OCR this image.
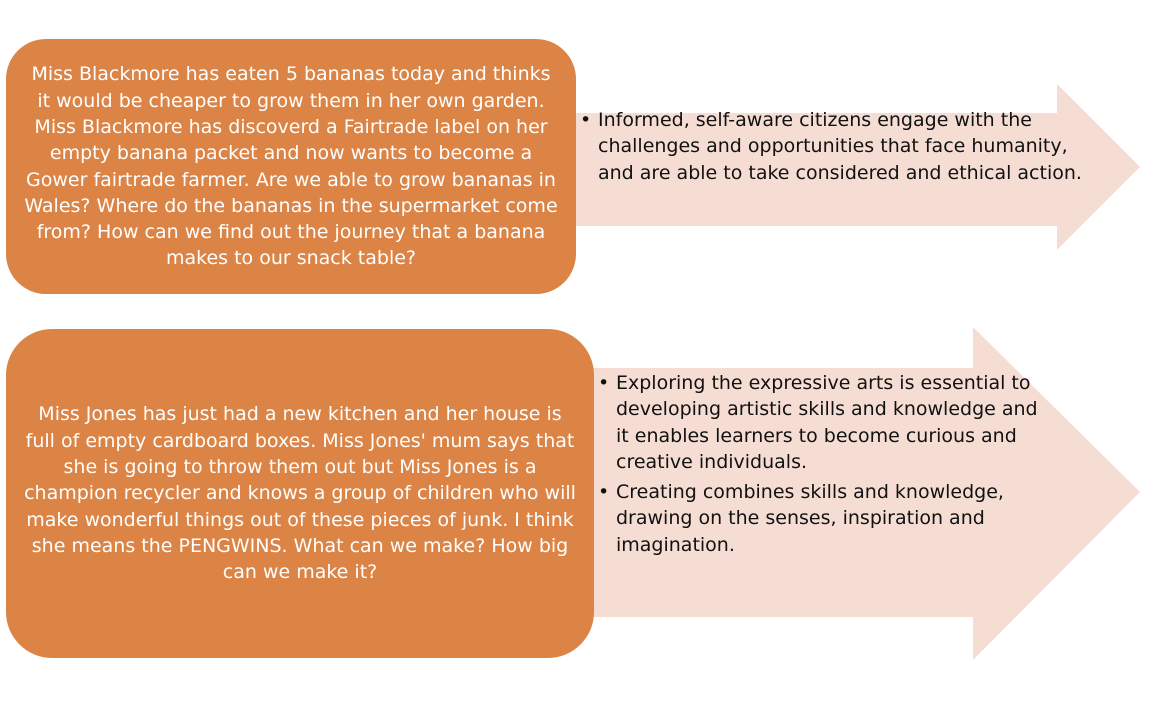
Miss Blackmore has eaten 5 bananas today and thinks it would be cheaper to grow them in her own garden. Miss Blackmore has discoverd a Fairtrade label on her empty banana packet and now wants to become a Gower fairtrade farmer. Are we able to grow bananas in Wales? Where do the bananas in the supermarket come from? How can we find out the journey that a banana makes to our snack table?
• Informed, self-aware citizens engage with the challenges and opportunities that face humanity, and are able to take considered and ethical action.
Miss Jones has just had a new kitchen and her house is full of empty cardboard boxes. Miss Jones' mum says that she is going to throw them out but Miss Jones is a champion recycler and knows a group of children who will make wonderful things out of these pieces of junk. I think she means the PENGWINS. What can we make? How big can we make it?
• Exploring the expressive arts is essential to developing artistic skills and knowledge and it enables learners to become curious and creative individuals.
• Creating combines skills and knowledge, drawing on the senses, inspiration and imagination.
